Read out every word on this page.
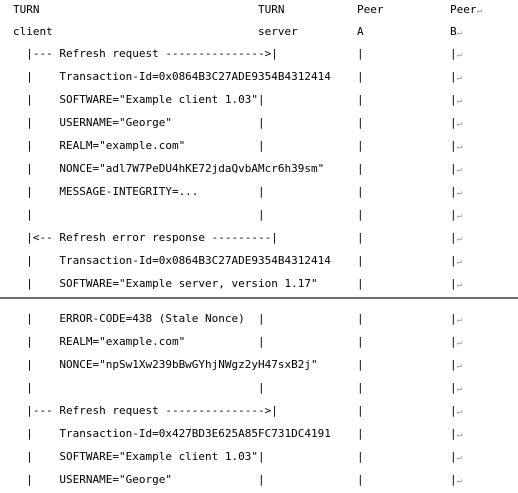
TURN	TURN	Peer	Peer↵
client	server	A	B↵
|--- Refresh request --------------->|	|	|↵
|    Transaction-Id=0x0864B3C27ADE9354B4312414 |	|↵
|    SOFTWARE="Example client 1.03" |	|	|↵
|    USERNAME="George"	|	|	|↵
|    REALM="example.com"	|	|	|↵
|    NONCE="adl7W7PeDU4hKE72jdaQvbAMcr6h39sm"	|	|↵
|    MESSAGE-INTEGRITY=...	|	|	|↵
|	|	|	|↵
|<-- Refresh error response ---------|	|	|↵
|    Transaction-Id=0x0864B3C27ADE9354B4312414 |	|↵
|    SOFTWARE="Example server, version 1.17"	|	|↵
|    ERROR-CODE=438 (Stale Nonce) |	|	|↵
|    REALM="example.com"	|	|	|↵
|    NONCE="npSw1Xw239bBwGYhjNWgz2yH47sxB2j"	|	|↵
|	|	|	|↵
|--- Refresh request --------------->|	|	|↵
|    Transaction-Id=0x427BD3E625A85FC731DC4191 |	|↵
|    SOFTWARE="Example client 1.03" |	|	|↵
|    USERNAME="George"	|	|	|↵
